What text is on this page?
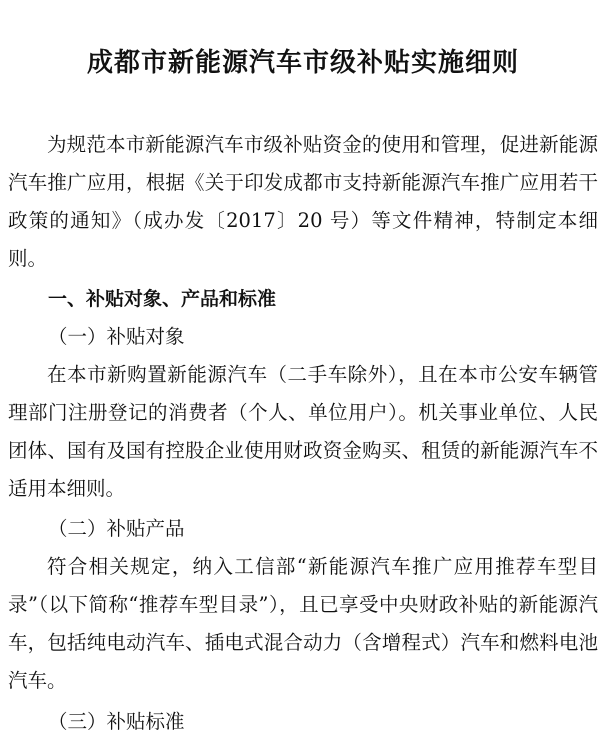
成都市新能源汽车市级补贴实施细则

为规范本市新能源汽车市级补贴资金的使用和管理，促进新能源汽车推广应用，根据《关于印发成都市支持新能源汽车推广应用若干政策的通知》（成办发〔2017〕20 号）等文件精神，特制定本细则。

一、补贴对象、产品和标准

（一）补贴对象

在本市新购置新能源汽车（二手车除外），且在本市公安车辆管理部门注册登记的消费者（个人、单位用户）。机关事业单位、人民团体、国有及国有控股企业使用财政资金购买、租赁的新能源汽车不适用本细则。

（二）补贴产品

符合相关规定，纳入工信部“新能源汽车推广应用推荐车型目录”（以下简称“推荐车型目录”），且已享受中央财政补贴的新能源汽车，包括纯电动汽车、插电式混合动力（含增程式）汽车和燃料电池汽车。

（三）补贴标准
